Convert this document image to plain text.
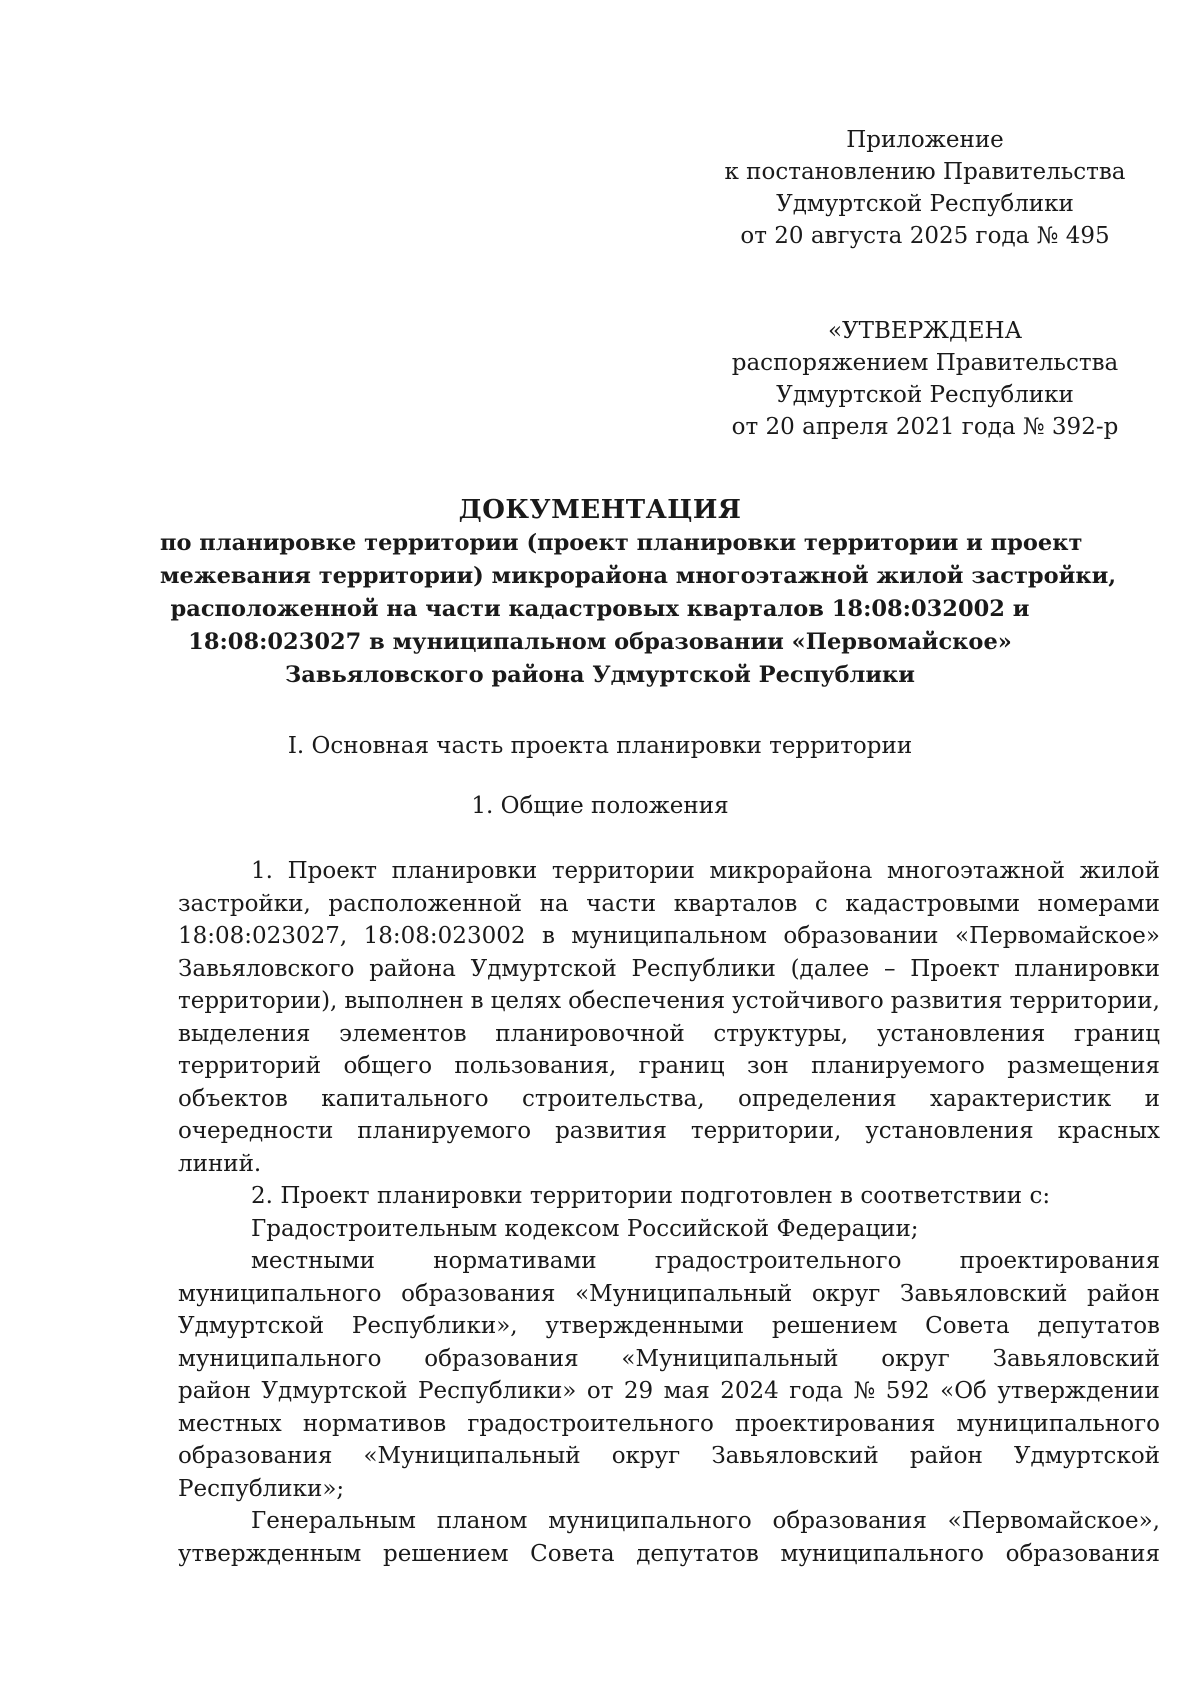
Приложение
к постановлению Правительства
Удмуртской Республики
от 20 августа 2025 года № 495
«УТВЕРЖДЕНА
распоряжением Правительства
Удмуртской Республики
от 20 апреля 2021 года № 392-р
ДОКУМЕНТАЦИЯ
по планировке территории (проект планировки территории и проект
межевания территории) микрорайона многоэтажной жилой застройки,
расположенной на части кадастровых кварталов 18:08:032002 и
18:08:023027 в муниципальном образовании «Первомайское»
Завьяловского района Удмуртской Республики
I. Основная часть проекта планировки территории
1. Общие положения
1. Проект планировки территории микрорайона многоэтажной жилой
застройки, расположенной на части кварталов с кадастровыми номерами
18:08:023027, 18:08:023002 в муниципальном образовании «Первомайское»
Завьяловского района Удмуртской Республики (далее – Проект планировки
территории), выполнен в целях обеспечения устойчивого развития территории,
выделения элементов планировочной структуры, установления границ
территорий общего пользования, границ зон планируемого размещения
объектов капитального строительства, определения характеристик и
очередности планируемого развития территории, установления красных
линий.
2. Проект планировки территории подготовлен в соответствии с:
Градостроительным кодексом Российской Федерации;
местными	нормативами	градостроительного	проектирования
муниципального образования «Муниципальный округ Завьяловский район
Удмуртской Республики», утвержденными решением Совета депутатов
муниципального образования «Муниципальный округ Завьяловский
район Удмуртской Республики» от 29 мая 2024 года № 592 «Об утверждении
местных нормативов градостроительного проектирования муниципального
образования «Муниципальный округ Завьяловский район Удмуртской
Республики»;
Генеральным планом муниципального образования «Первомайское»,
утвержденным решением Совета депутатов муниципального образования
